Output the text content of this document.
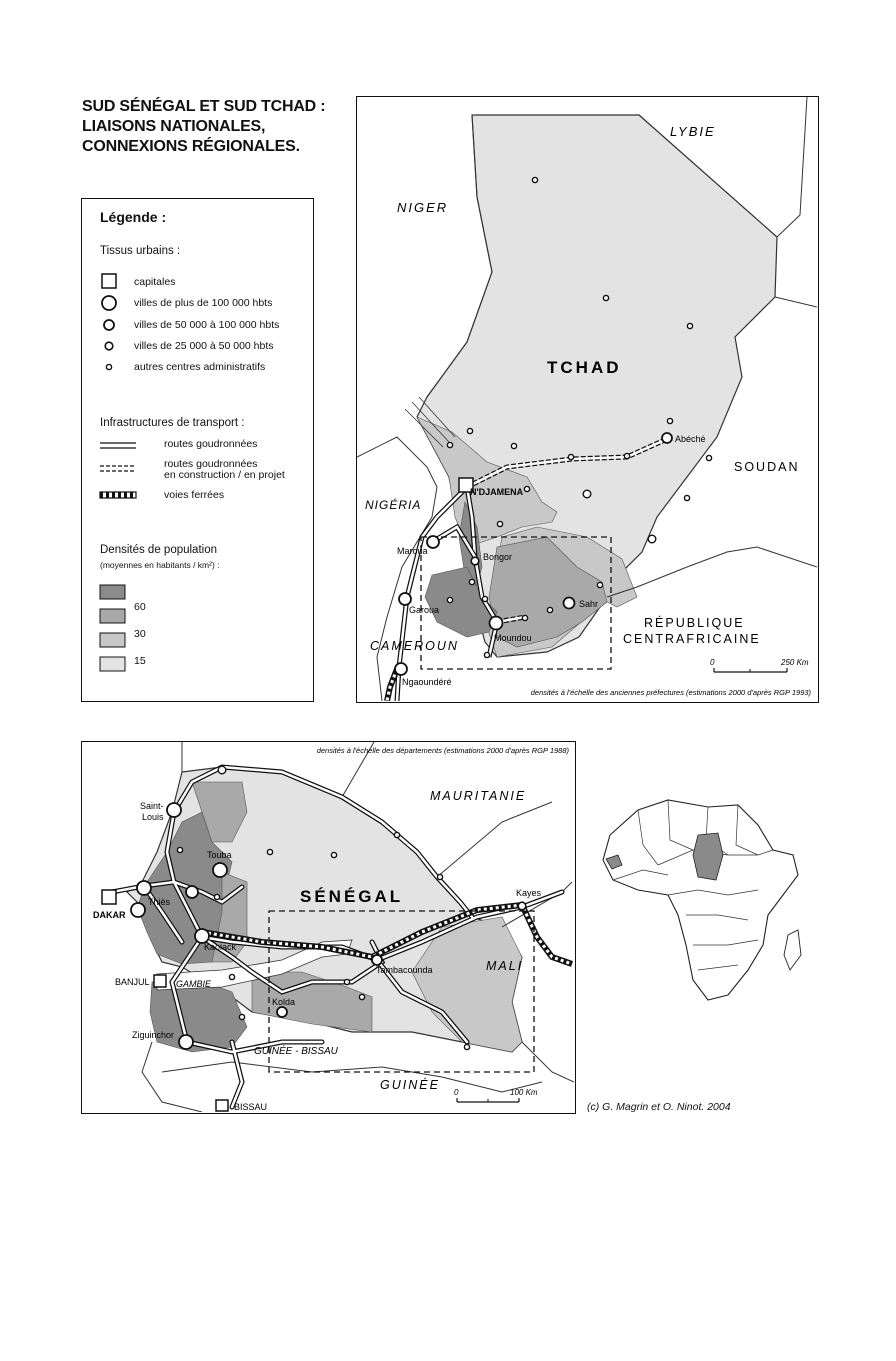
SUD SÉNÉGAL ET SUD TCHAD :
LIAISONS NATIONALES,
CONNEXIONS RÉGIONALES.
Légende :
Tissus urbains :
capitales
villes de plus de 100 000 hbts
villes de 50 000 à 100 000 hbts
villes de 25 000 à 50 000 hbts
autres centres administratifs
Infrastructures de transport :
routes goudronnées
routes goudronnées
en construction / en projet
voies ferrées
Densités de population
(moyennes en habitants / km²) :
60
30
15
LYBIE
NIGER
TCHAD
SOUDAN
NIGÉRIA
RÉPUBLIQUE
CENTRAFRICAINE
CAMEROUN
N'DJAMENA
Abéché
Maroua
Bongor
Garoua
Sahr
Moundou
Ngaoundéré
0	250 Km
densités à l'échelle des anciennes préfectures (estimations 2000 d'après RGP 1993)
densités à l'échelle des départements (estimations 2000 d'après RGP 1988)
MAURITANIE
SÉNÉGAL
MALI
GAMBIE
GUINÉE - BISSAU
GUINÉE
Saint-
Louis
Touba
Thiès
DAKAR
Kaolack
BANJUL
Tambacounda
Kayes
Kolda
Ziguinchor
BISSAU
0	100 Km
(c) G. Magrin et O. Ninot. 2004
